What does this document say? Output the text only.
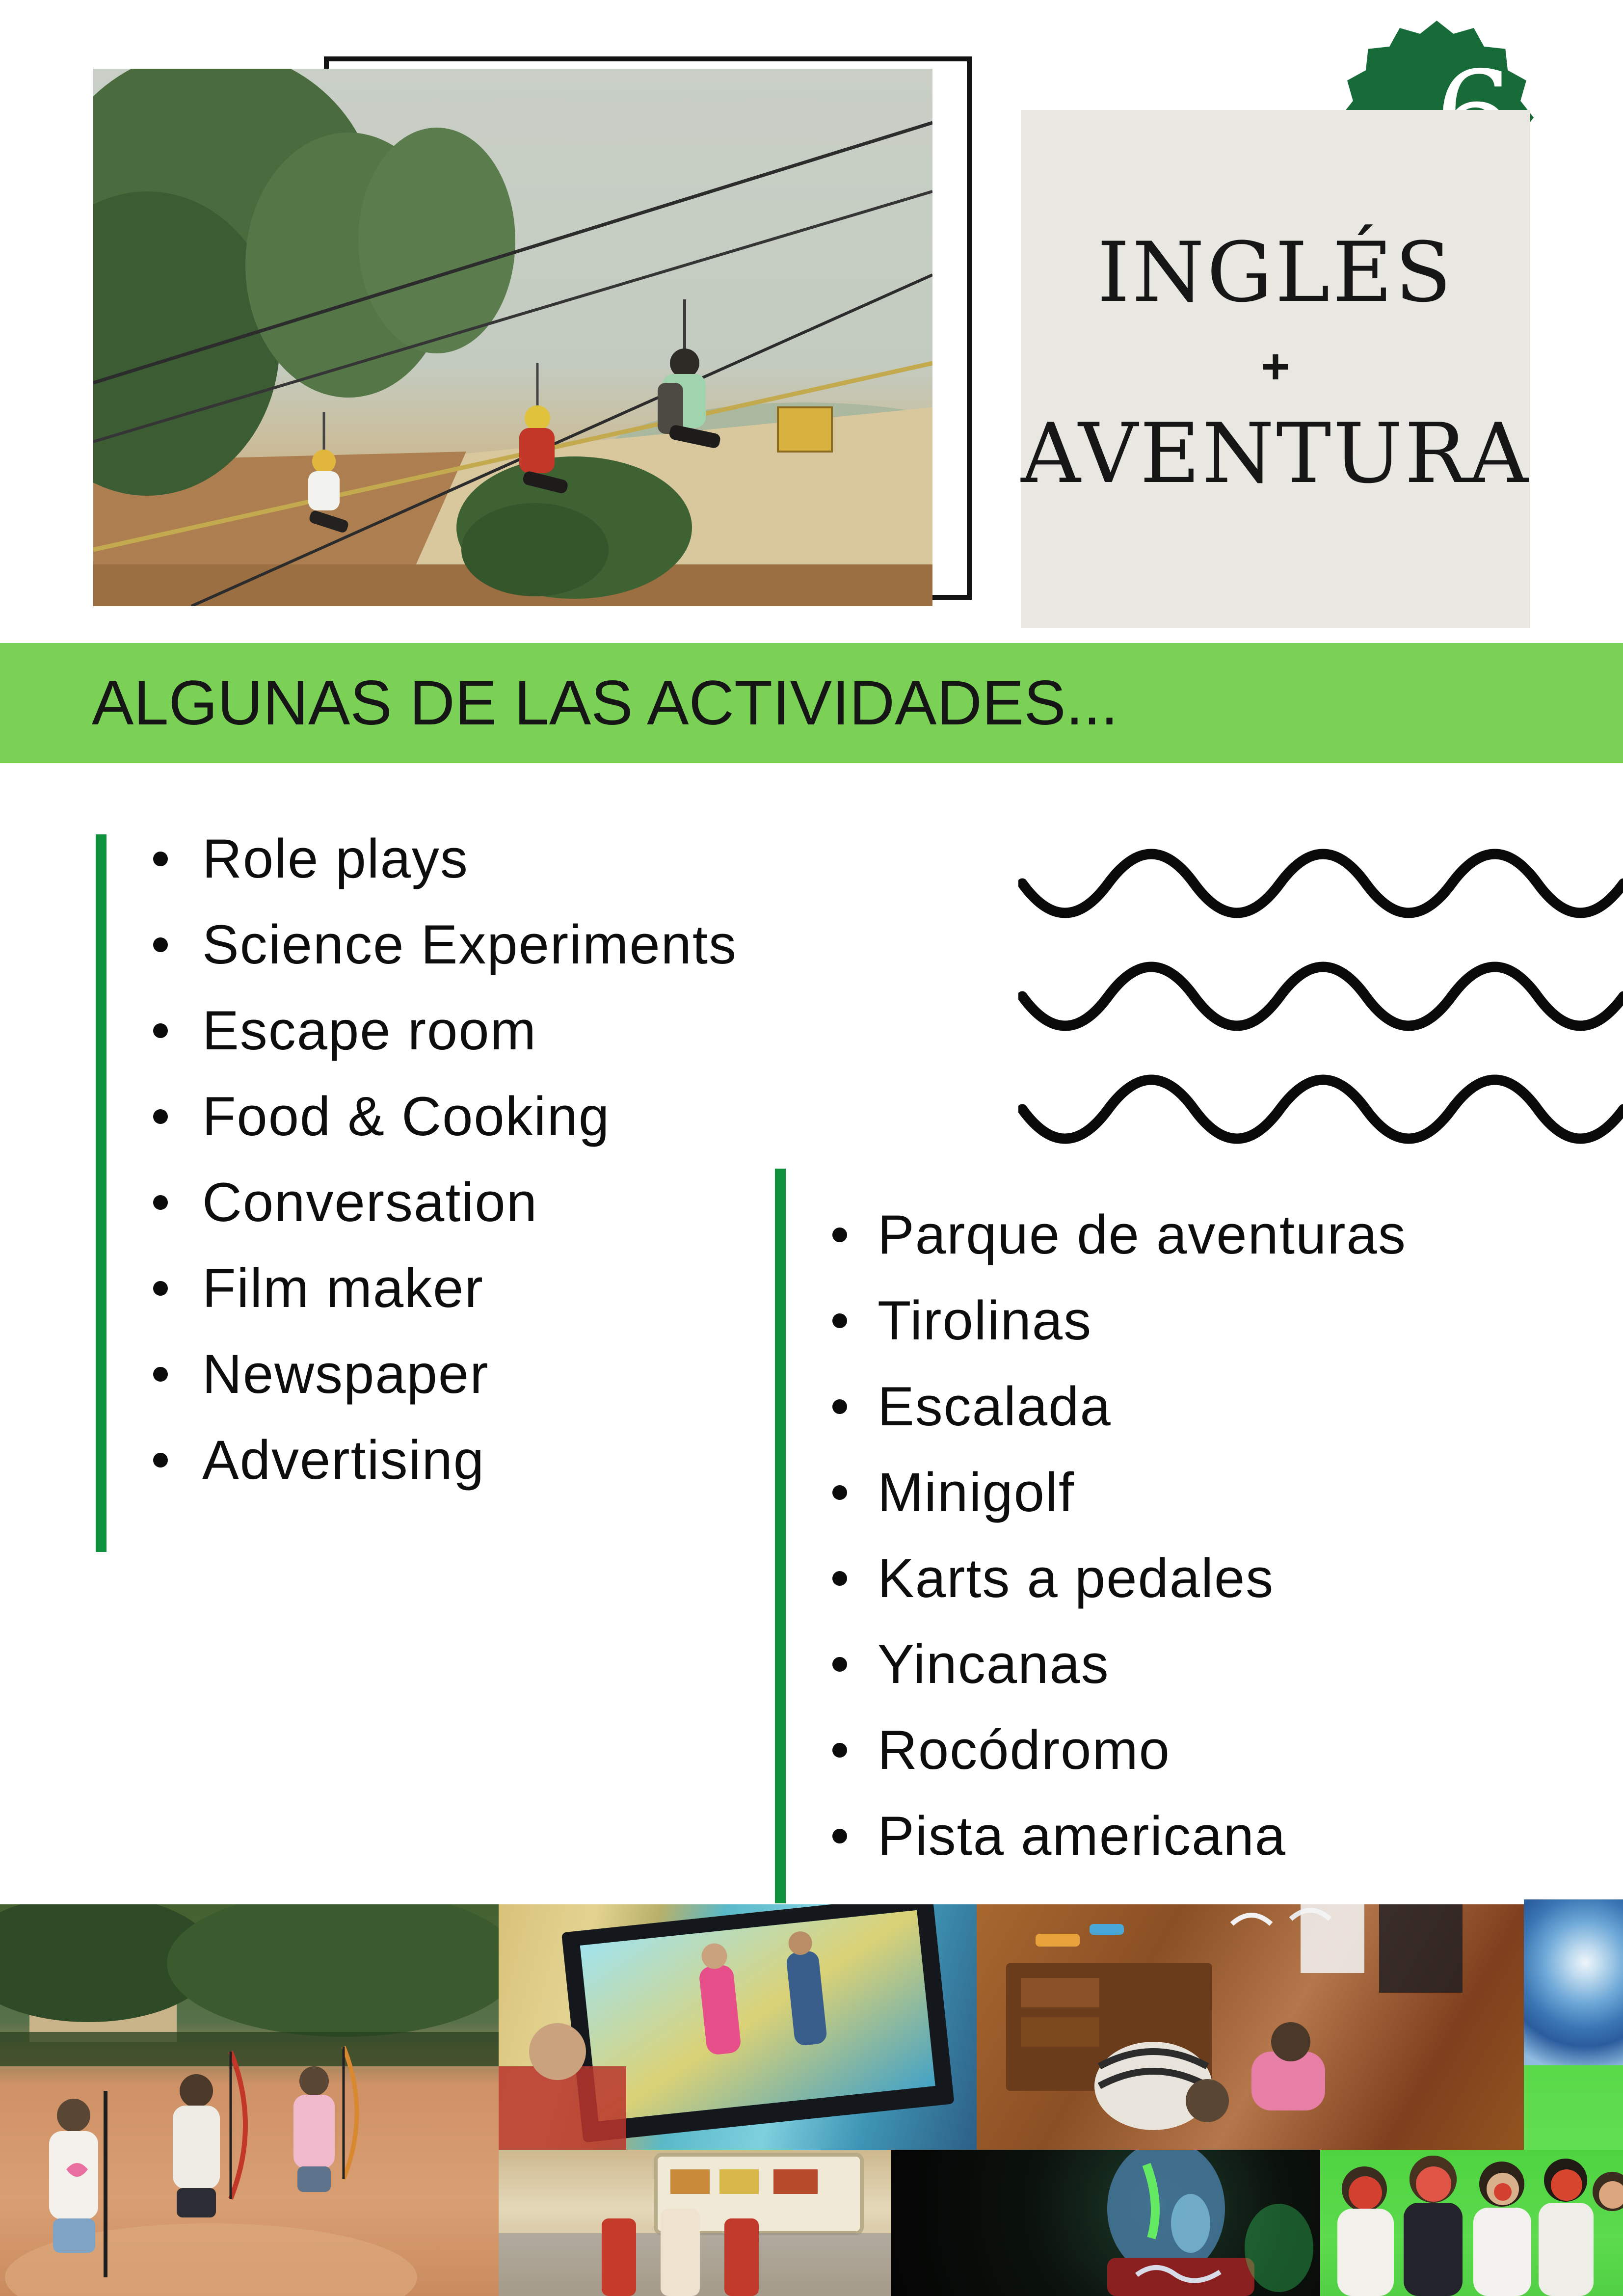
INGLÉS
+
AVENTURA
ALGUNAS DE LAS ACTIVIDADES...
Role plays
Science Experiments
Escape room
Food & Cooking
Conversation
Film maker
Newspaper
Advertising
Parque de aventuras
Tirolinas
Escalada
Minigolf
Karts a pedales
Yincanas
Rocódromo
Pista americana
